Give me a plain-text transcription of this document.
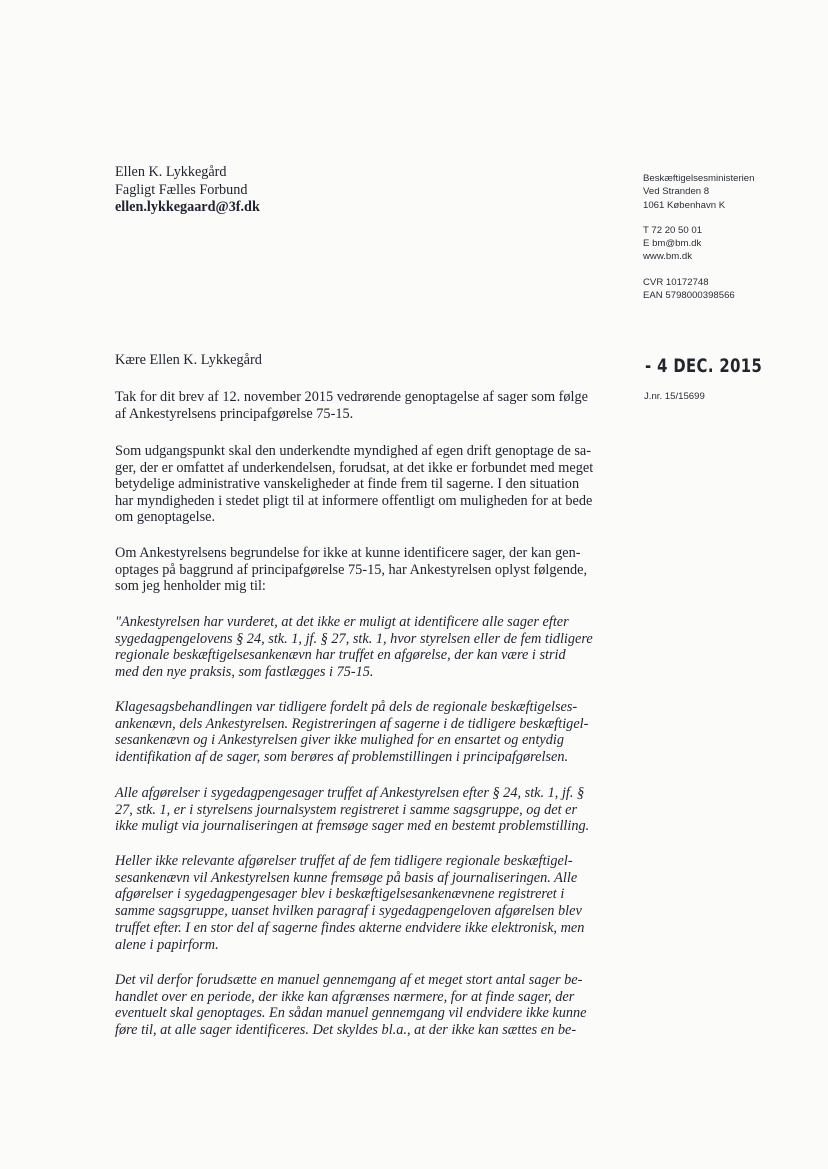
Ellen K. Lykkegård
Fagligt Fælles Forbund
ellen.lykkegaard@3f.dk
Beskæftigelsesministerien
Ved Stranden 8
1061 København K
T 72 20 50 01
E bm@bm.dk
www.bm.dk
CVR 10172748
EAN 5798000398566
- 4 DEC. 2015
J.nr. 15/15699
Kære Ellen K. Lykkegård

Tak for dit brev af 12. november 2015 vedrørende genoptagelse af sager som følge
af Ankestyrelsens principafgørelse 75-15.

Som udgangspunkt skal den underkendte myndighed af egen drift genoptage de sa-
ger, der er omfattet af underkendelsen, forudsat, at det ikke er forbundet med meget
betydelige administrative vanskeligheder at finde frem til sagerne. I den situation
har myndigheden i stedet pligt til at informere offentligt om muligheden for at bede
om genoptagelse.

Om Ankestyrelsens begrundelse for ikke at kunne identificere sager, der kan gen-
optages på baggrund af principafgørelse 75-15, har Ankestyrelsen oplyst følgende,
som jeg henholder mig til:

"Ankestyrelsen har vurderet, at det ikke er muligt at identificere alle sager efter
sygedagpengelovens § 24, stk. 1, jf. § 27, stk. 1, hvor styrelsen eller de fem tidligere
regionale beskæftigelsesankenævn har truffet en afgørelse, der kan være i strid
med den nye praksis, som fastlægges i 75-15.

Klagesagsbehandlingen var tidligere fordelt på dels de regionale beskæftigelses-
ankenævn, dels Ankestyrelsen. Registreringen af sagerne i de tidligere beskæftigel-
sesankenævn og i Ankestyrelsen giver ikke mulighed for en ensartet og entydig
identifikation af de sager, som berøres af problemstillingen i principafgørelsen.

Alle afgørelser i sygedagpengesager truffet af Ankestyrelsen efter § 24, stk. 1, jf. §
27, stk. 1, er i styrelsens journalsystem registreret i samme sagsgruppe, og det er
ikke muligt via journaliseringen at fremsøge sager med en bestemt problemstilling.

Heller ikke relevante afgørelser truffet af de fem tidligere regionale beskæftigel-
sesankenævn vil Ankestyrelsen kunne fremsøge på basis af journaliseringen. Alle
afgørelser i sygedagpengesager blev i beskæftigelsesankenævnene registreret i
samme sagsgruppe, uanset hvilken paragraf i sygedagpengeloven afgørelsen blev
truffet efter. I en stor del af sagerne findes akterne endvidere ikke elektronisk, men
alene i papirform.

Det vil derfor forudsætte en manuel gennemgang af et meget stort antal sager be-
handlet over en periode, der ikke kan afgrænses nærmere, for at finde sager, der
eventuelt skal genoptages. En sådan manuel gennemgang vil endvidere ikke kunne
føre til, at alle sager identificeres. Det skyldes bl.a., at der ikke kan sættes en be-
